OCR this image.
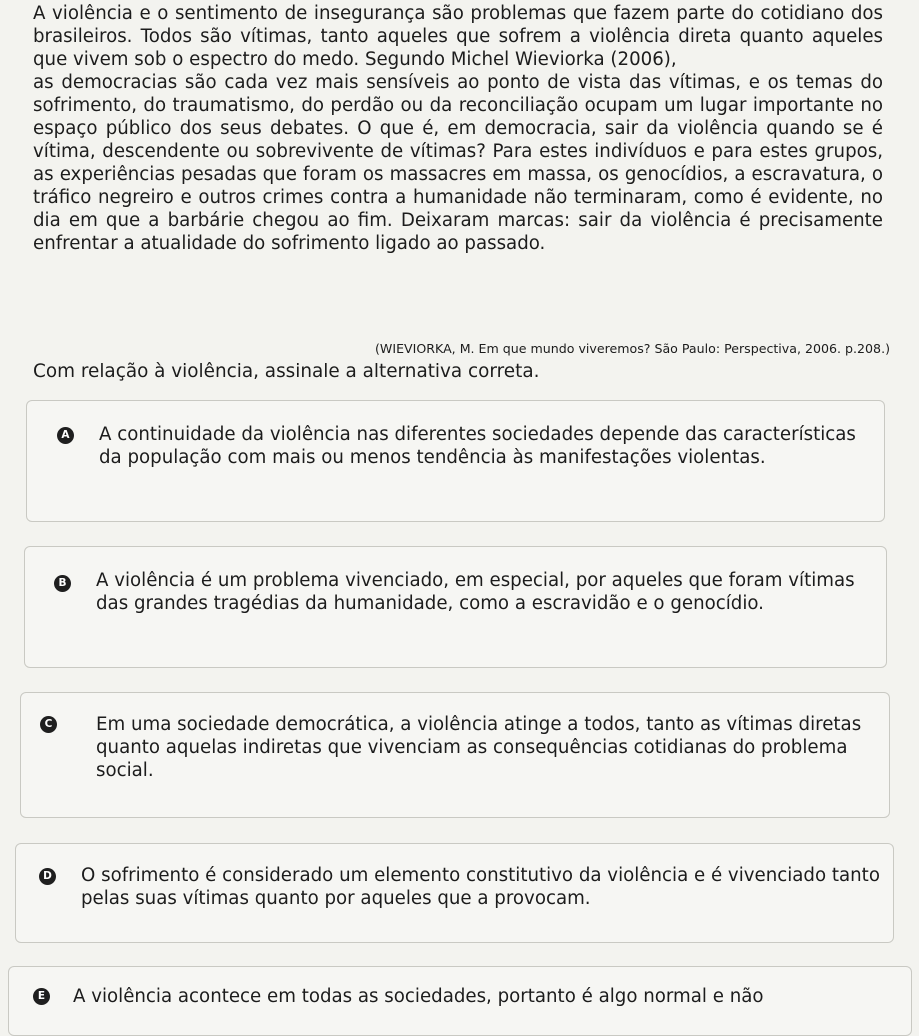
A violência e o sentimento de insegurança são problemas que fazem parte do cotidiano dos brasileiros. Todos são vítimas, tanto aqueles que sofrem a violência direta quanto aqueles que vivem sob o espectro do medo. Segundo Michel Wieviorka (2006),

as democracias são cada vez mais sensíveis ao ponto de vista das vítimas, e os temas do sofrimento, do traumatismo, do perdão ou da reconciliação ocupam um lugar importante no espaço público dos seus debates. O que é, em democracia, sair da violência quando se é vítima, descendente ou sobrevivente de vítimas? Para estes indivíduos e para estes grupos, as experiências pesadas que foram os massacres em massa, os genocídios, a escravatura, o tráfico negreiro e outros crimes contra a humanidade não terminaram, como é evidente, no dia em que a barbárie chegou ao fim. Deixaram marcas: sair da violência é precisamente enfrentar a atualidade do sofrimento ligado ao passado.

(WIEVIORKA, M. Em que mundo viveremos? São Paulo: Perspectiva, 2006. p.208.)
Com relação à violência, assinale a alternativa correta.
A A continuidade da violência nas diferentes sociedades depende das características da população com mais ou menos tendência às manifestações violentas.
B A violência é um problema vivenciado, em especial, por aqueles que foram vítimas das grandes tragédias da humanidade, como a escravidão e o genocídio.
C Em uma sociedade democrática, a violência atinge a todos, tanto as vítimas diretas quanto aquelas indiretas que vivenciam as consequências cotidianas do problema social.
D O sofrimento é considerado um elemento constitutivo da violência e é vivenciado tanto pelas suas vítimas quanto por aqueles que a provocam.
E A violência acontece em todas as sociedades, portanto é algo normal e não
